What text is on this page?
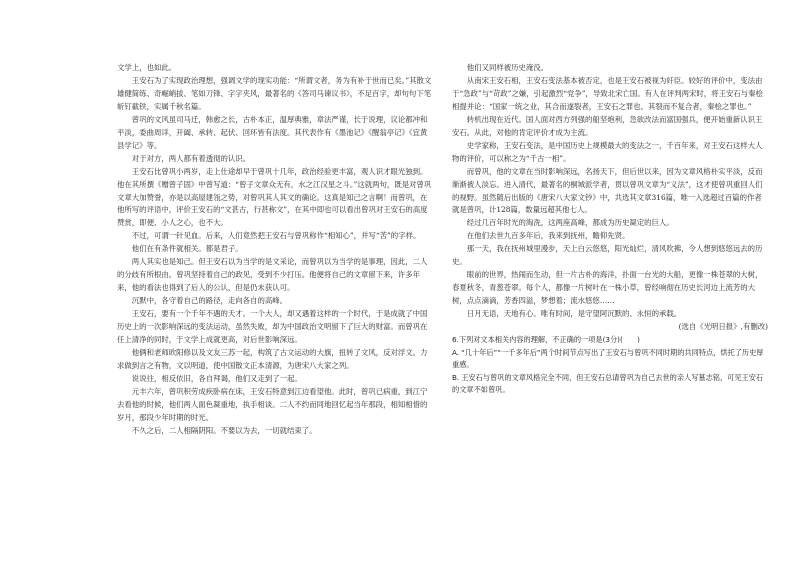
文学上，也如此。

王安石为了实现政治理想，强调文学的现实功能：“所谓文者，务为有补于世而已矣。”其散文雄健简练、奇崛峭拔、笔如刀锋、字字夹风，最著名的《答司马谏议书》，不足百字，却句句下笔斩钉截铁，实属千秋名篇。

曾巩的文风虽司马迁，韩愈之长，古朴本正，温厚典雅，章法严谨，长于说理，议论都冲和平淡，委曲周详，开阖、承转、起伏、回环皆有法度。其代表作有《墨池记》《醒翁亭记》《宜黄县学记》等。

对于对方，两人都有着透彻的认识。

王安石比曾巩小两岁，走上仕途却早于曾巩十几年，政治经验更丰富，观人识才眼光独到。他在其所撰《赠曾子固》中曾写道：“曾子文章众无有，水之江汉星之斗。”这就两句，既是对曾巩文章大加赞誉，亦是以高屋建瓴之势，对曾巩其人其文的确论。这真是知己之言啊！而曾巩，在他所写的评语中，评价王安石的“文甚古，行甚称文”，在其中即也可以看出曾巩对王安石的高度赞赏，即便、小人之心，也不大。

不过，可谓一针见血。后来，人们竟然把王安石与曾巩称作“相知心”，并写“苦”的字样。

他们在有条件就相关。都是君子。

两人其实也是知己。但王安石以为当学的是文采论，而曾巩以为当学的是事理，因此，二人的分歧有所根由。曾巩坚持着自己的政见，受到不少打压。他便将自己的文章留下来，许多年来，他的看法也得到了后人的公认，但是仍未获认可。

沉默中，各守着自己的路径，走向各自的高峰。

王安石，要有一个千年不遇的天才。一个大人，却又遇着这样的一个时代，于是成就了中国历史上的一次影响深远的变法运动，虽然失败，却为中国政治文明留下了巨大的财富。而曾巩在任上清净的同时，于文学上成就更高，对后世影响深远。

他俩和老师欧阳修以及文友三苏一起，构筑了古文运动的大旗，扭转了文风，反对浮文。力求做到言之有物，文以明道，使中国散文正本清源，为唐宋八大家之列。

说说往，相反依旧，各自拜谒，他们又走到了一起。

元丰六年，曾巩积劳成疾卧病在床，王安石特意到江边看望他。此时，曾巩已病重，到江宁去看他的时候，他们两人面色凝重地，执手相谈。二人不约而同地回忆起当年那段，相知相惜的岁月，那段少年时期的时光。

不久之后，二人相隔阴阳。不要以为去，一切就结束了。

他们又同样被历史淹没。

从南宋王安石相，王安石变法基本被否定，也是王安石被视为奸臣。较好的评价中，变法由于“急政”与“苛政”之嫌，引起激烈“党争”，导致北宋亡国。有人在评判两宋时，将王安石与秦桧相提并论：“国家一统之业，其合而遂裂者，王安石之罪也。其裂而不复合者，秦桧之罪也。”

转机出现在近代。国人面对西方列强的船坚炮利，急欲改法而富国强兵，便开始重新认识王安石。从此，对他的肯定评价才成为主流。

史学家称，王安石变法，是中国历史上规模最大的变法之一，千百年来，对王安石这样大人物的评价，可以称之为“千古一相”。

而曾巩，他的文章在当时影响深远，名扬天下，但后世以来，因为文章风格朴实平淡，反而渐渐被人淡忘。进入清代，最著名的桐城派学者，贯以曾巩文章为“义法”，这才使曾巩重回人们的视野。虽然随后出版的《唐宋八大家文钞》中，共选其文章316篇，唯一入选超过百篇的作者就是曾巩，计128篇，数量远超其他七人。

经过几百年时光的淘洗，这两座高峰，都成为历史凝定的巨人。

在他们去世九百多年后，我来到抚州，瞻仰先贤。

那一天，我在抚州城里漫步，天上白云悠悠，阳光灿烂，清风吹拂，令人想到悠悠远去的历史。

眼前的世界，热闹而生动，但一片古朴的海洋，扑面一台光的大船，更像一株苍翠的大树，春夏秋冬，青葱苍翠。每个人，都像一片树叶在一株小草，曾经响彻在历史长河边上流芳的大树，点点滴滴，芳香四溢，梦想着；流水悠悠……

日月无语，天地有心。唯有时间，是守望阿沉默的、永恒的承载。

(选自《光明日报》,有删改)

6.下列对文本相关内容的理解，不正确的一项是(3分)(　　)

A. “几十年后”“一千多年后”两个时间节点写出了王安石与曾巩不同时期的共同特点，烘托了历史厚重感。

B. 王安石与曾巩的文章风格完全不同，但王安石总请曾巩为自己去世的亲人写墓志铭，可见王安石的文章不如曾巩。
